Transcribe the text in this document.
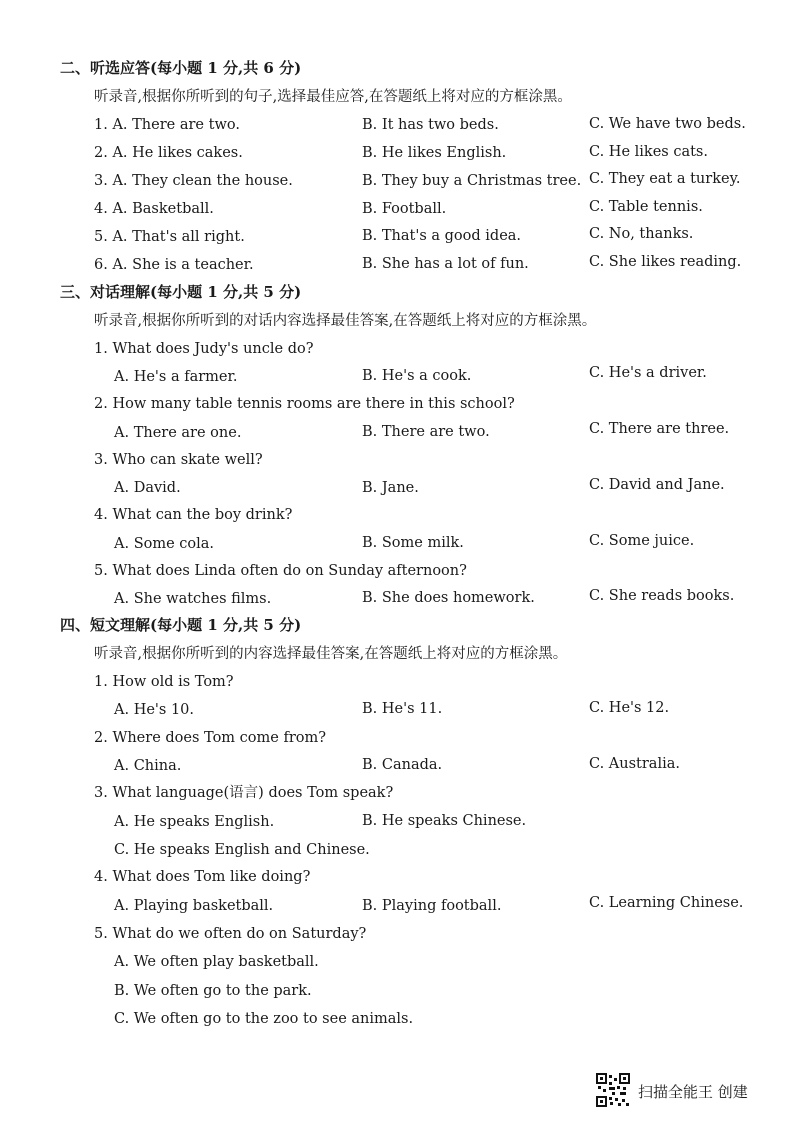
二、听选应答(每小题 1 分,共 6 分)
听录音,根据你所听到的句子,选择最佳应答,在答题纸上将对应的方框涂黑。
1. A. There are two.	B. It has two beds.	C. We have two beds.
2. A. He likes cakes.	B. He likes English.	C. He likes cats.
3. A. They clean the house.	B. They buy a Christmas tree. C. They eat a turkey.
4. A. Basketball.	B. Football.	C. Table tennis.
5. A. That's all right.	B. That's a good idea.	C. No, thanks.
6. A. She is a teacher.	B. She has a lot of fun.	C. She likes reading.
三、对话理解(每小题 1 分,共 5 分)
听录音,根据你所听到的对话内容选择最佳答案,在答题纸上将对应的方框涂黑。
1. What does Judy's uncle do?
A. He's a farmer.	B. He's a cook.	C. He's a driver.
2. How many table tennis rooms are there in this school?
A. There are one.	B. There are two.	C. There are three.
3. Who can skate well?
A. David.	B. Jane.	C. David and Jane.
4. What can the boy drink?
A. Some cola.	B. Some milk.	C. Some juice.
5. What does Linda often do on Sunday afternoon?
A. She watches films.	B. She does homework.	C. She reads books.
四、短文理解(每小题 1 分,共 5 分)
听录音,根据你所听到的内容选择最佳答案,在答题纸上将对应的方框涂黑。
1. How old is Tom?
A. He's 10.	B. He's 11.	C. He's 12.
2. Where does Tom come from?
A. China.	B. Canada.	C. Australia.
3. What language(语言) does Tom speak?
A. He speaks English.	B. He speaks Chinese.
C. He speaks English and Chinese.
4. What does Tom like doing?
A. Playing basketball.	B. Playing football.	C. Learning Chinese.
5. What do we often do on Saturday?
A. We often play basketball.
B. We often go to the park.
C. We often go to the zoo to see animals.
扫描全能王 创建
